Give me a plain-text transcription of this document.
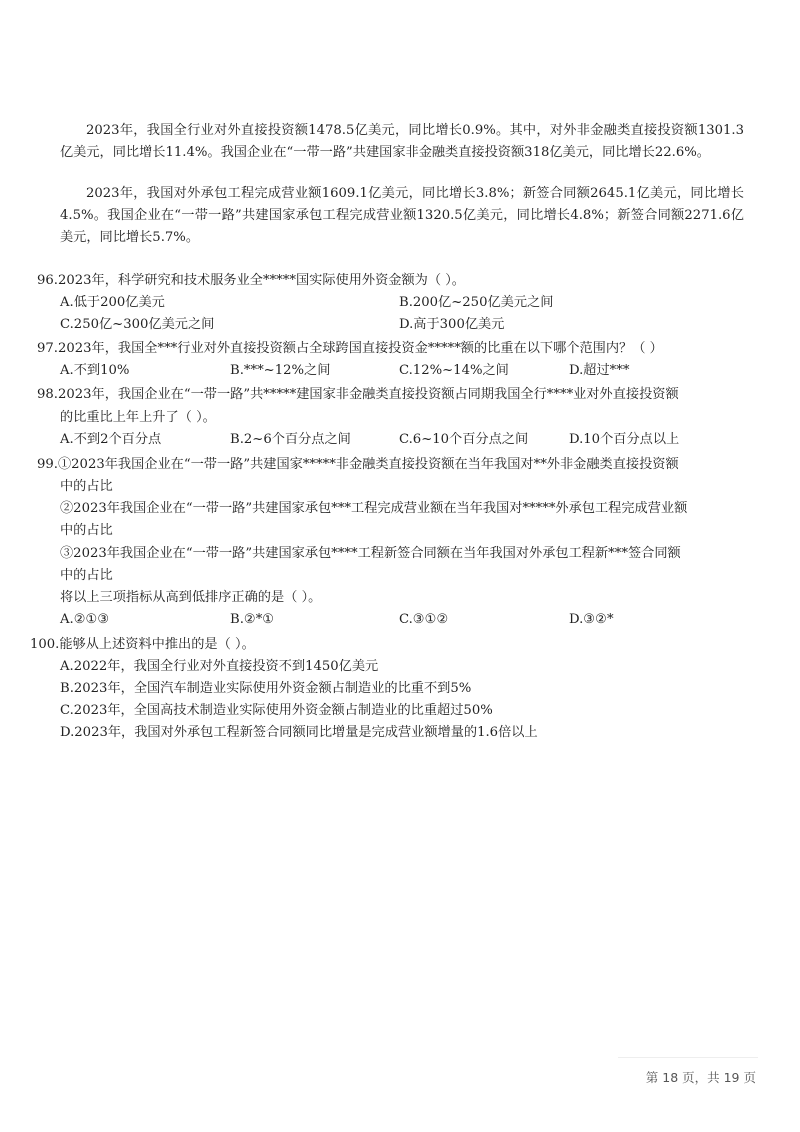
2023年，我国全行业对外直接投资额1478.5亿美元，同比增长0.9%。其中，对外非金融类直接投资额1301.3亿美元，同比增长11.4%。我国企业在“一带一路”共建国家非金融类直接投资额318亿美元，同比增长22.6%。
2023年，我国对外承包工程完成营业额1609.1亿美元，同比增长3.8%；新签合同额2645.1亿美元，同比增长4.5%。我国企业在“一带一路”共建国家承包工程完成营业额1320.5亿美元，同比增长4.8%；新签合同额2271.6亿美元，同比增长5.7%。
96.2023年，科学研究和技术服务业全*****国实际使用外资金额为（ ）。
A.低于200亿美元	B.200亿~250亿美元之间
C.250亿~300亿美元之间	D.高于300亿美元
97.2023年，我国全***行业对外直接投资额占全球跨国直接投资金*****额的比重在以下哪个范围内？（ ）
A.不到10%	B.***~12%之间	C.12%~14%之间	D.超过***
98.2023年，我国企业在“一带一路”共*****建国家非金融类直接投资额占同期我国全行****业对外直接投资额
的比重比上年上升了（ ）。
A.不到2个百分点	B.2~6个百分点之间	C.6~10个百分点之间	D.10个百分点以上
99.①2023年我国企业在“一带一路”共建国家*****非金融类直接投资额在当年我国对**外非金融类直接投资额
中的占比
②2023年我国企业在“一带一路”共建国家承包***工程完成营业额在当年我国对*****外承包工程完成营业额
中的占比
③2023年我国企业在“一带一路”共建国家承包****工程新签合同额在当年我国对外承包工程新***签合同额
中的占比
将以上三项指标从高到低排序正确的是（ ）。
A.②①③	B.②*①	C.③①②	D.③②*
100.能够从上述资料中推出的是（ ）。
A.2022年，我国全行业对外直接投资不到1450亿美元
B.2023年，全国汽车制造业实际使用外资金额占制造业的比重不到5%
C.2023年，全国高技术制造业实际使用外资金额占制造业的比重超过50%
D.2023年，我国对外承包工程新签合同额同比增量是完成营业额增量的1.6倍以上
第 18 页，共 19 页
